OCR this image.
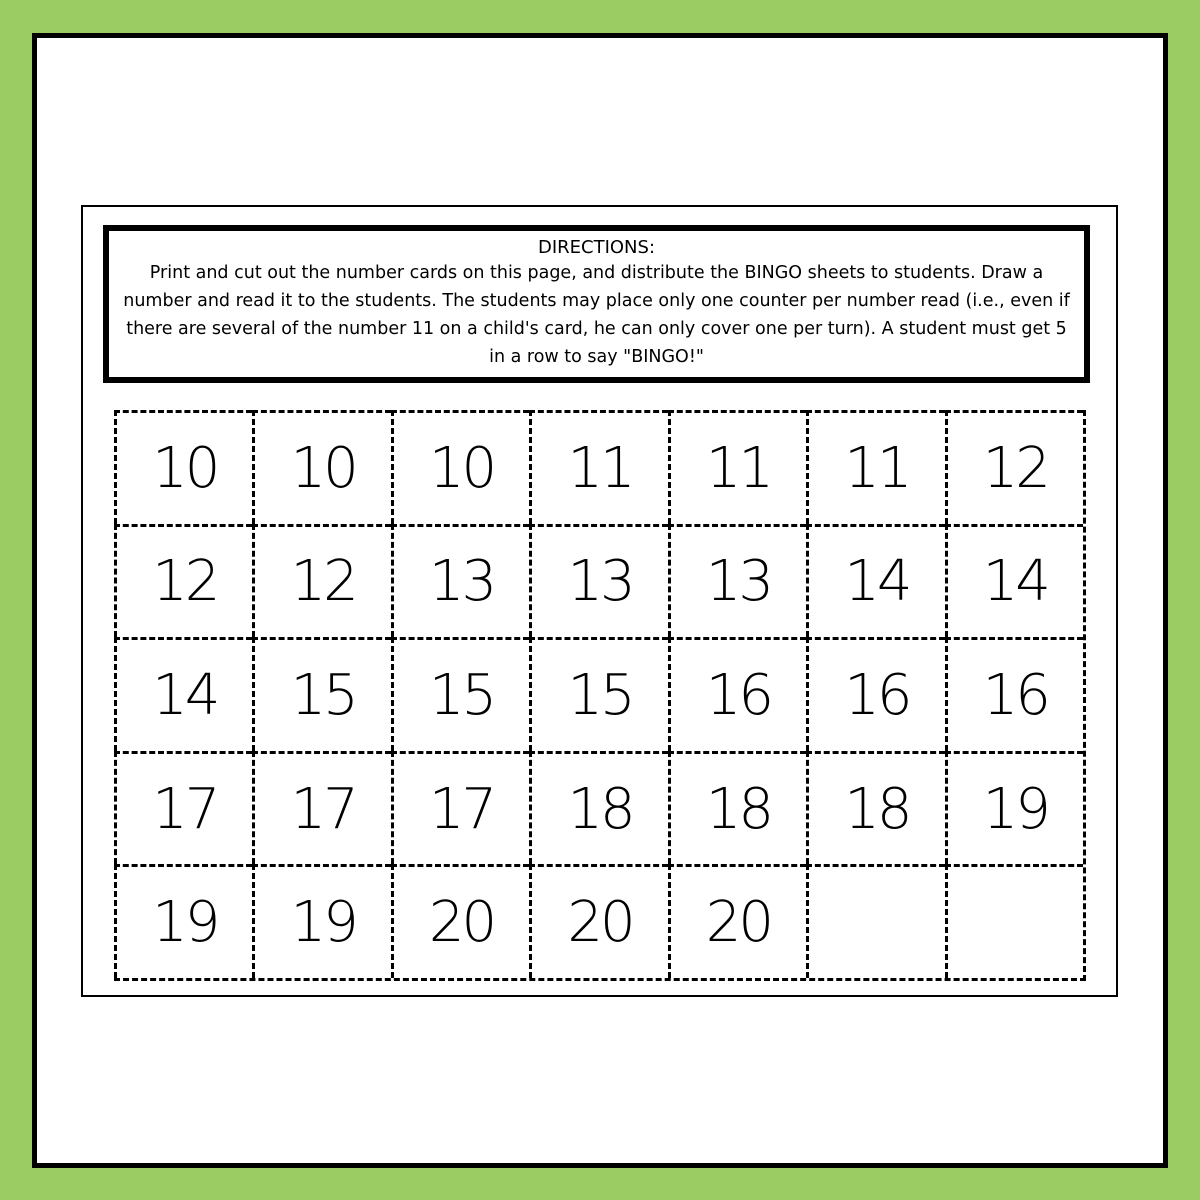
DIRECTIONS:
Print and cut out the number cards on this page, and distribute the BINGO sheets to students. Draw a number and read it to the students. The students may place only one counter per number read (i.e., even if there are several of the number 11 on a child's card, he can only cover one per turn). A student must get 5 in a row to say "BINGO!"
10	10	10	11	11	11	12
12	12	13	13	13	14	14
14	15	15	15	16	16	16
17	17	17	18	18	18	19
19	19	20	20	20
